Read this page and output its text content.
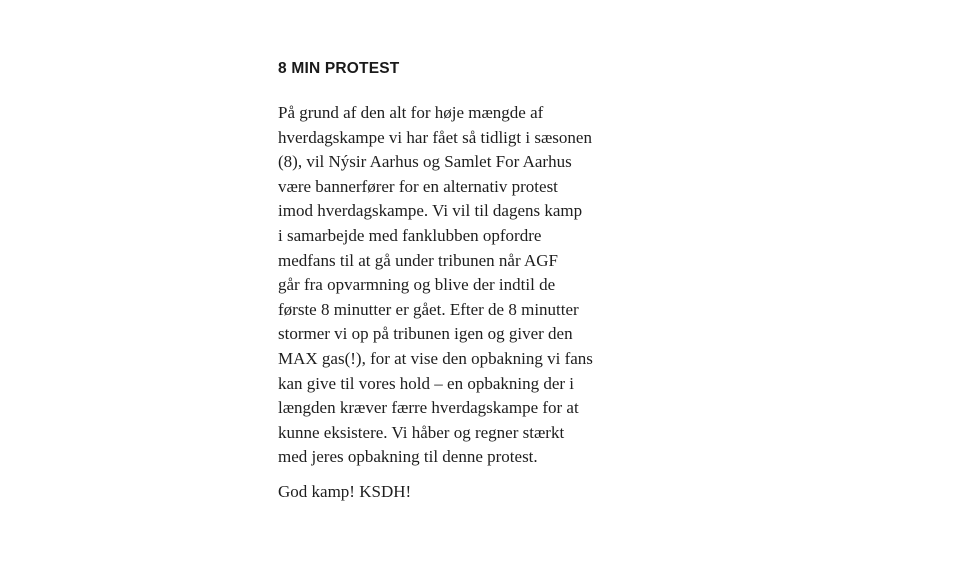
8 MIN PROTEST
På grund af den alt for høje mængde af
hverdagskampe vi har fået så tidligt i sæsonen
(8), vil Nýsir Aarhus og Samlet For Aarhus
være bannerfører for en alternativ protest
imod hverdagskampe. Vi vil til dagens kamp
i samarbejde med fanklubben opfordre
medfans til at gå under tribunen når AGF
går fra opvarmning og blive der indtil de
første 8 minutter er gået. Efter de 8 minutter
stormer vi op på tribunen igen og giver den
MAX gas(!), for at vise den opbakning vi fans
kan give til vores hold – en opbakning der i
længden kræver færre hverdagskampe for at
kunne eksistere. Vi håber og regner stærkt
med jeres opbakning til denne protest.
God kamp! KSDH!
